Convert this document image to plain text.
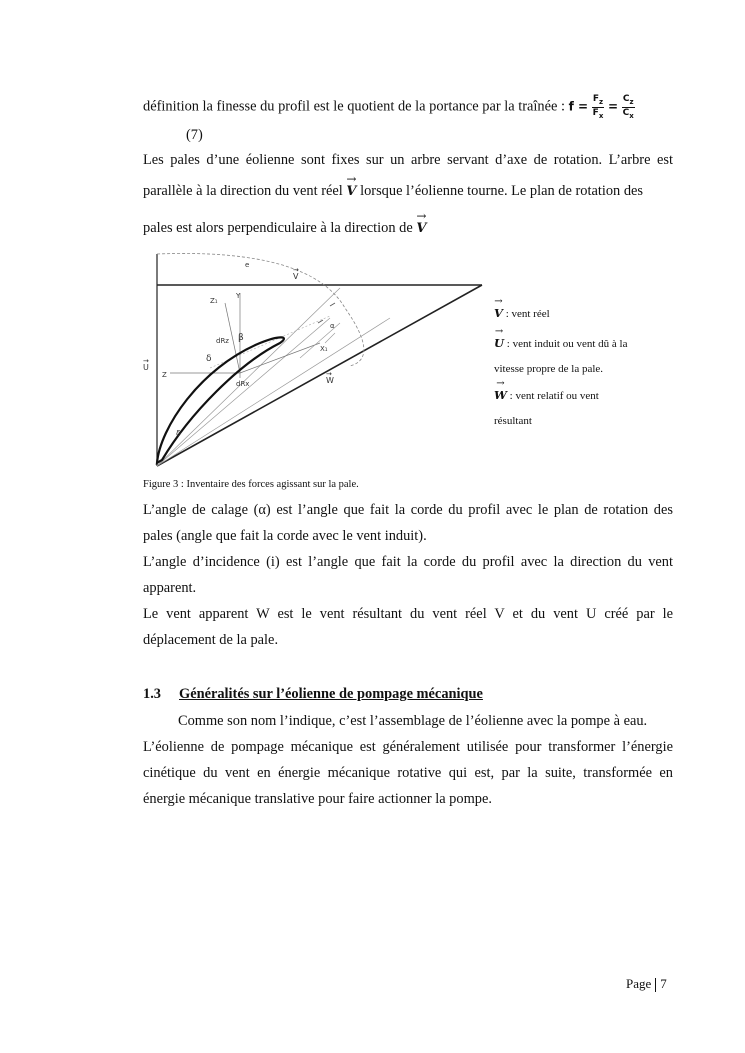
définition la finesse du profil est le quotient de la portance par la traînée : $f = \frac{F_z}{F_x} = \frac{C_z}{C_x}$
(7)
Les pales d’une éolienne sont fixes sur un arbre servant d’axe de rotation. L’arbre est
parallèle à la direction du vent réel
→
V lorsque l’éolienne tourne. Le plan de rotation des
pales est alors perpendiculaire à la direction de
→
V
e
V
→
Z₁
Y
dRz β
δ
U
→
Z
dRx
X₁
W
→
δ
α
→
V : vent réel
→
U : vent induit ou vent dû à la
vitesse propre de la pale.
→
W : vent relatif ou vent
résultant
Figure 3 : Inventaire des forces agissant sur la pale.
L’angle de calage (α) est l’angle que fait la corde du profil avec le plan de rotation des
pales (angle que fait la corde avec le vent induit).
L’angle d’incidence (i) est l’angle que fait la corde du profil avec la direction du vent
apparent.
Le vent apparent W est le vent résultant du vent réel V et du vent U créé par le
déplacement de la pale.
1.3 Généralités sur l’éolienne de pompage mécanique
Comme son nom l’indique, c’est l’assemblage de l’éolienne avec la pompe à eau.
L’éolienne de pompage mécanique est généralement utilisée pour transformer l’énergie
cinétique du vent en énergie mécanique rotative qui est, par la suite, transformée en
énergie mécanique translative pour faire actionner la pompe.
Page 7
